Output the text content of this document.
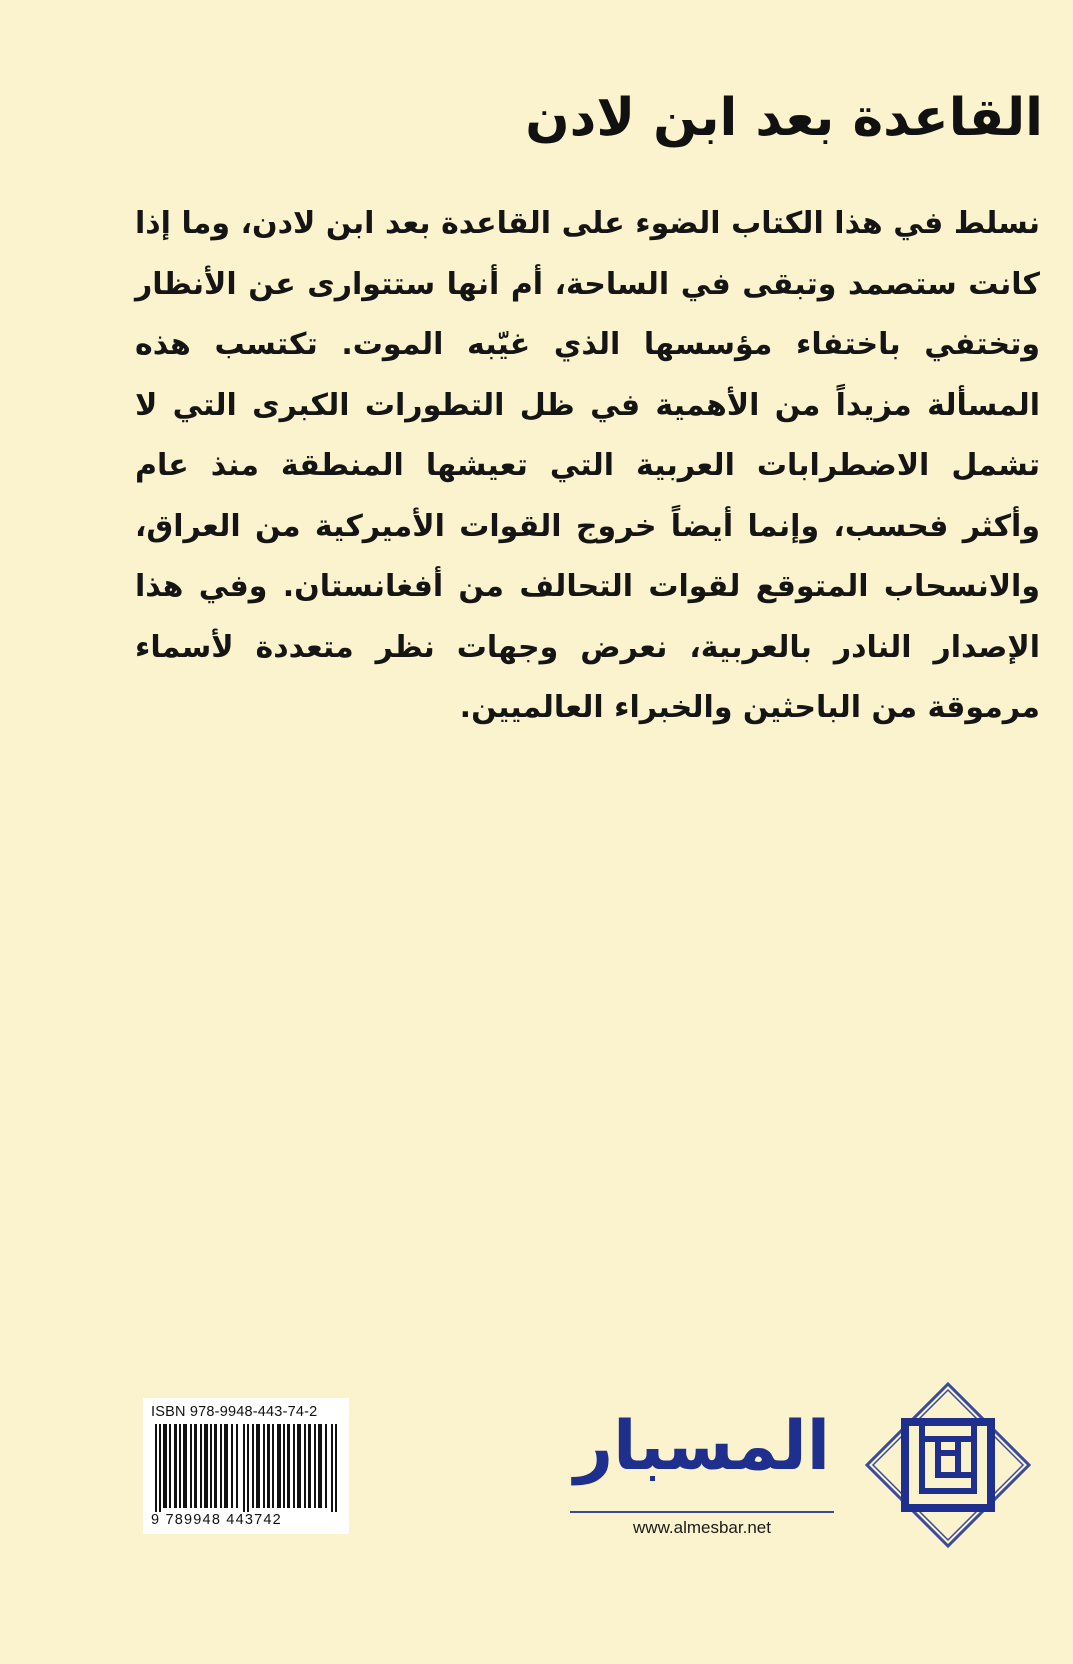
القاعدة بعد ابن لادن

نسلط في هذا الكتاب الضوء على القاعدة بعد ابن لادن، وما إذا كانت ستصمد وتبقى في الساحة، أم أنها ستتوارى عن الأنظار وتختفي باختفاء مؤسسها الذي غيّبه الموت. تكتسب هذه المسألة مزيداً من الأهمية في ظل التطورات الكبرى التي لا تشمل الاضطرابات العربية التي تعيشها المنطقة منذ عام وأكثر فحسب، وإنما أيضاً خروج القوات الأميركية من العراق، والانسحاب المتوقع لقوات التحالف من أفغانستان. وفي هذا الإصدار النادر بالعربية، نعرض وجهات نظر متعددة لأسماء مرموقة من الباحثين والخبراء العالميين.

ISBN 978-9948-443-74-2
9 789948 443742
المسبار
www.almesbar.net
